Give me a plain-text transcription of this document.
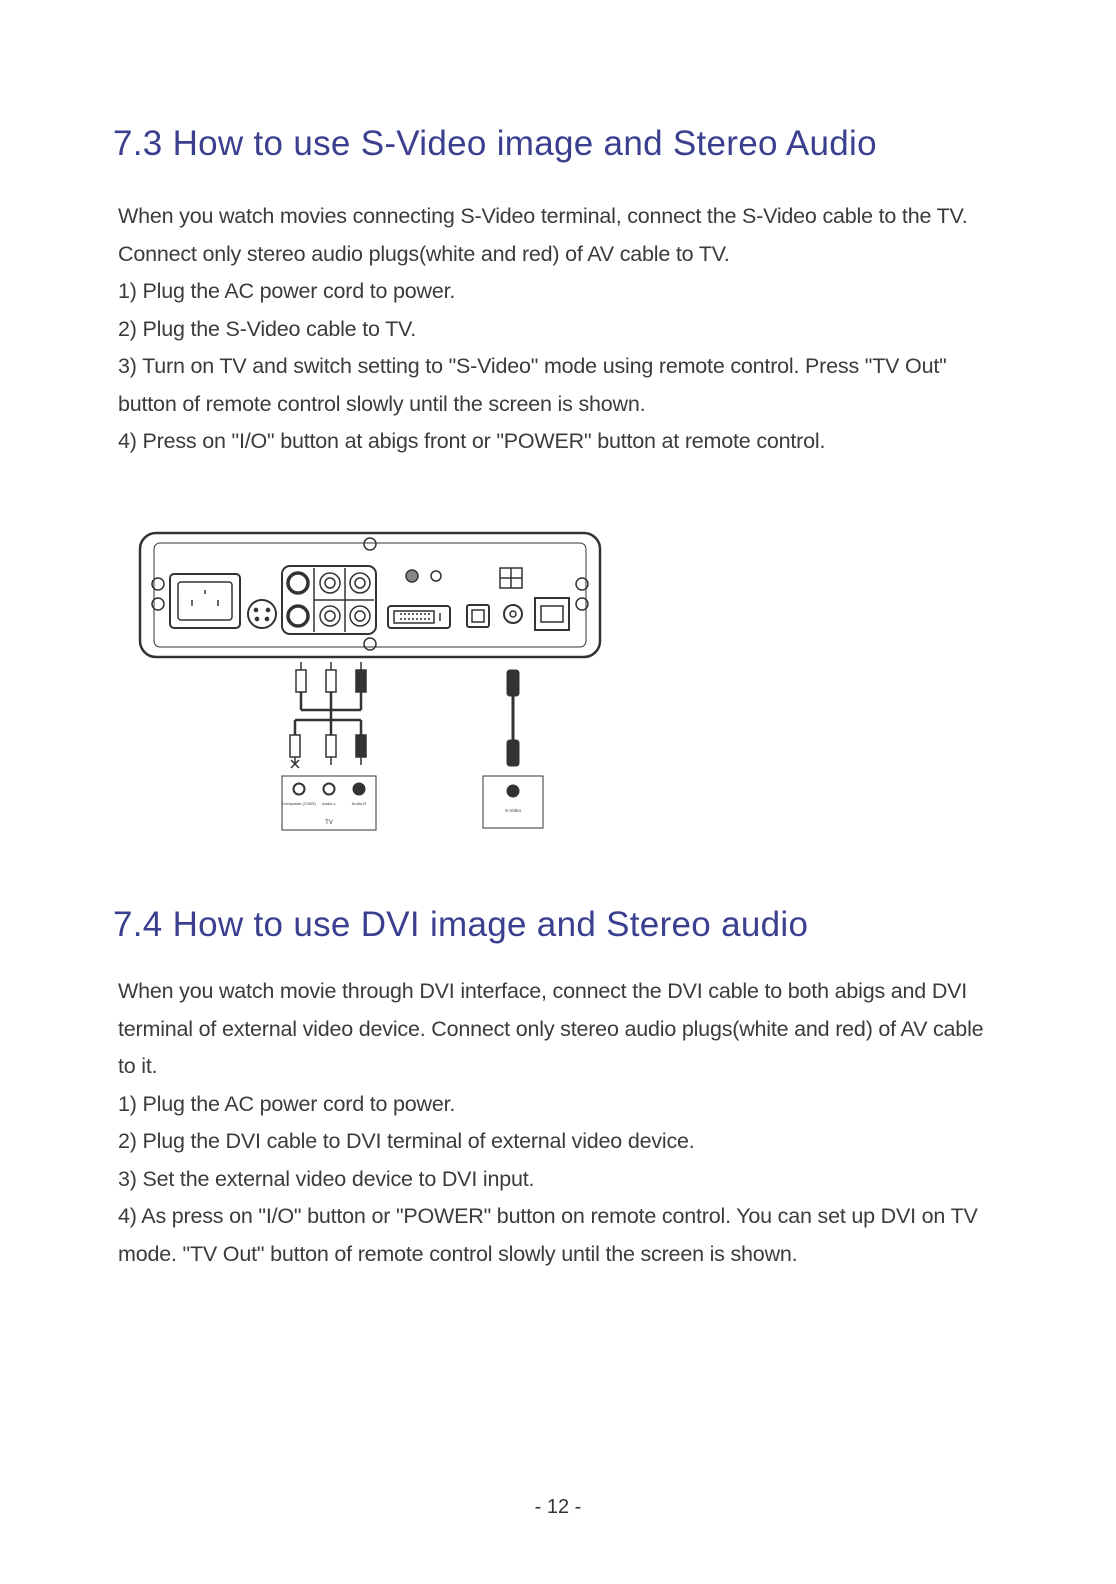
7.3 How to use S-Video image and Stereo Audio

When you watch movies connecting S-Video terminal, connect the S-Video cable to the TV. Connect only stereo audio plugs(white and red) of AV cable to TV.

1) Plug the AC power cord to power.

2) Plug the S-Video cable to TV.

3) Turn on TV and switch setting to "S-Video" mode using remote control. Press "TV Out" button of remote control slowly until the screen is shown.

4) Press on "I/O" button at abigs front or "POWER" button at remote control.

Composite (CVBS) Audio-L	Audio-R
TV
S-Video
7.4 How to use DVI image and Stereo audio

When you watch movie through DVI interface, connect the DVI cable to both abigs and DVI terminal of external video device. Connect only stereo audio plugs(white and red) of AV cable to it.

1) Plug the AC power cord to power.

2) Plug the DVI cable to DVI terminal of external video device.

3) Set the external video device to DVI input.

4) As press on "I/O" button or "POWER" button on remote control. You can set up DVI on TV mode. "TV Out" button of remote control slowly until the screen is shown.

- 12 -
